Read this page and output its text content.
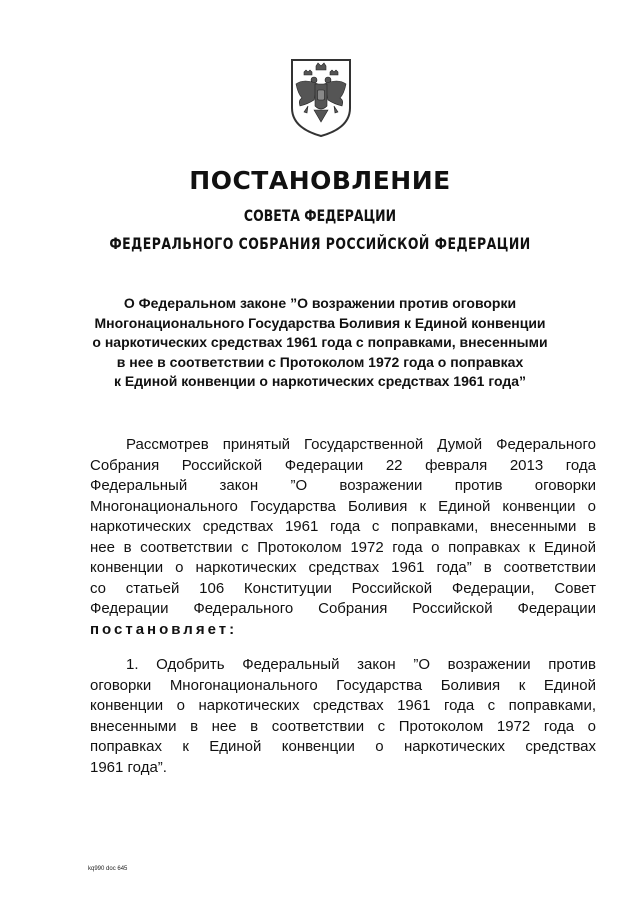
ПОСТАНОВЛЕНИЕ
СОВЕТА ФЕДЕРАЦИИ
ФЕДЕРАЛЬНОГО СОБРАНИЯ РОССИЙСКОЙ ФЕДЕРАЦИИ
О Федеральном законе ”О возражении против оговорки
Многонационального Государства Боливия к Единой конвенции
о наркотических средствах 1961 года с поправками, внесенными
в нее в соответствии с Протоколом 1972 года о поправках
к Единой конвенции о наркотических средствах 1961 года”
Рассмотрев принятый Государственной Думой Федерального
Собрания Российской Федерации 22 февраля 2013 года
Федеральный закон ”О возражении против оговорки
Многонационального Государства Боливия к Единой конвенции о
наркотических средствах 1961 года с поправками, внесенными в
нее в соответствии с Протоколом 1972 года о поправках к Единой
конвенции о наркотических средствах 1961 года” в соответствии
со статьей 106 Конституции Российской Федерации, Совет
Федерации Федерального Собрания Российской Федерации
постановляет:
1. Одобрить Федеральный закон ”О возражении против
оговорки Многонационального Государства Боливия к Единой
конвенции о наркотических средствах 1961 года с поправками,
внесенными в нее в соответствии с Протоколом 1972 года о
поправках к Единой конвенции о наркотических средствах
1961 года”.
kq990 doc 645
